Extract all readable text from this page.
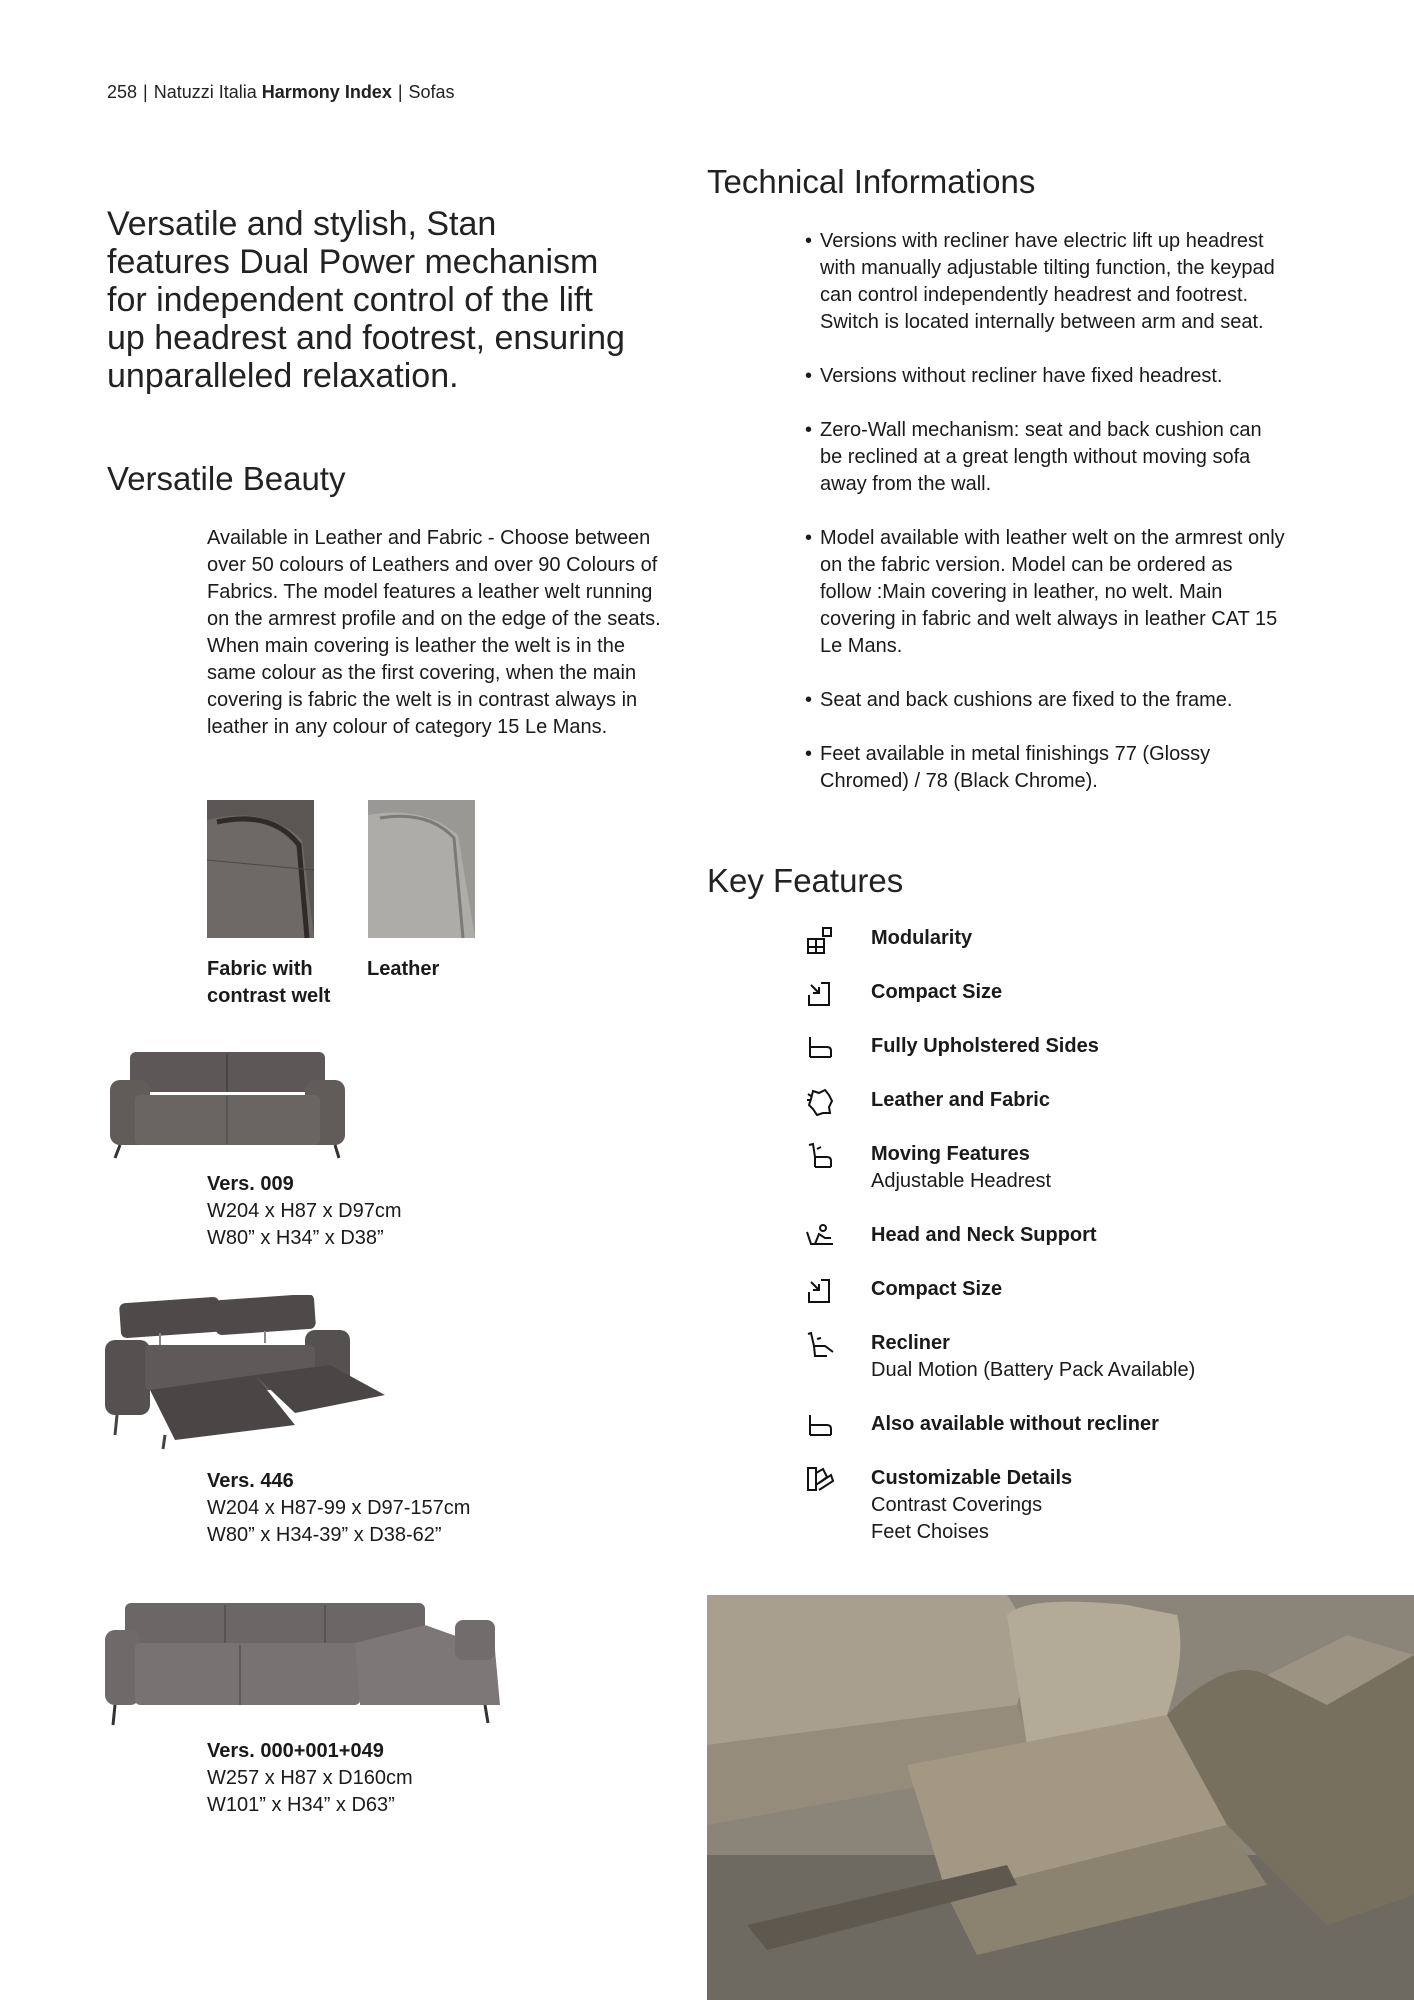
258 | Natuzzi Italia Harmony Index | Sofas
Versatile and stylish, Stan features Dual Power mechanism for independent control of the lift up headrest and footrest, ensuring unparalleled relaxation.
Versatile Beauty

Available in Leather and Fabric - Choose between over 50 colours of Leathers and over 90 Colours of Fabrics. The model features a leather welt running on the armrest profile and on the edge of the seats. When main covering is leather the welt is in the same colour as the first covering, when the main covering is fabric the welt is in contrast always in leather in any colour of category 15 Le Mans.

Fabric with contrast welt
Leather
Vers. 009
W204 x H87 x D97cm
W80” x H34” x D38”
Vers. 446
W204 x H87-99 x D97-157cm
W80” x H34-39” x D38-62”
Vers. 000+001+049
W257 x H87 x D160cm
W101” x H34” x D63”
Technical Informations
• Versions with recliner have electric lift up headrest with manually adjustable tilting function, the keypad can control independently headrest and footrest. Switch is located internally between arm and seat.
• Versions without recliner have fixed headrest.
• Zero-Wall mechanism: seat and back cushion can be reclined at a great length without moving sofa away from the wall.
• Model available with leather welt on the armrest only on the fabric version. Model can be ordered as follow :Main covering in leather, no welt. Main covering in fabric and welt always in leather CAT 15 Le Mans.
• Seat and back cushions are fixed to the frame.
• Feet available in metal finishings 77 (Glossy Chromed) / 78 (Black Chrome).
Key Features
Modularity
Compact Size
Fully Upholstered Sides
Leather and Fabric
Moving Features
Adjustable Headrest
Head and Neck Support
Compact Size
Recliner
Dual Motion (Battery Pack Available)
Also available without recliner
Customizable Details
Contrast Coverings
Feet Choises
